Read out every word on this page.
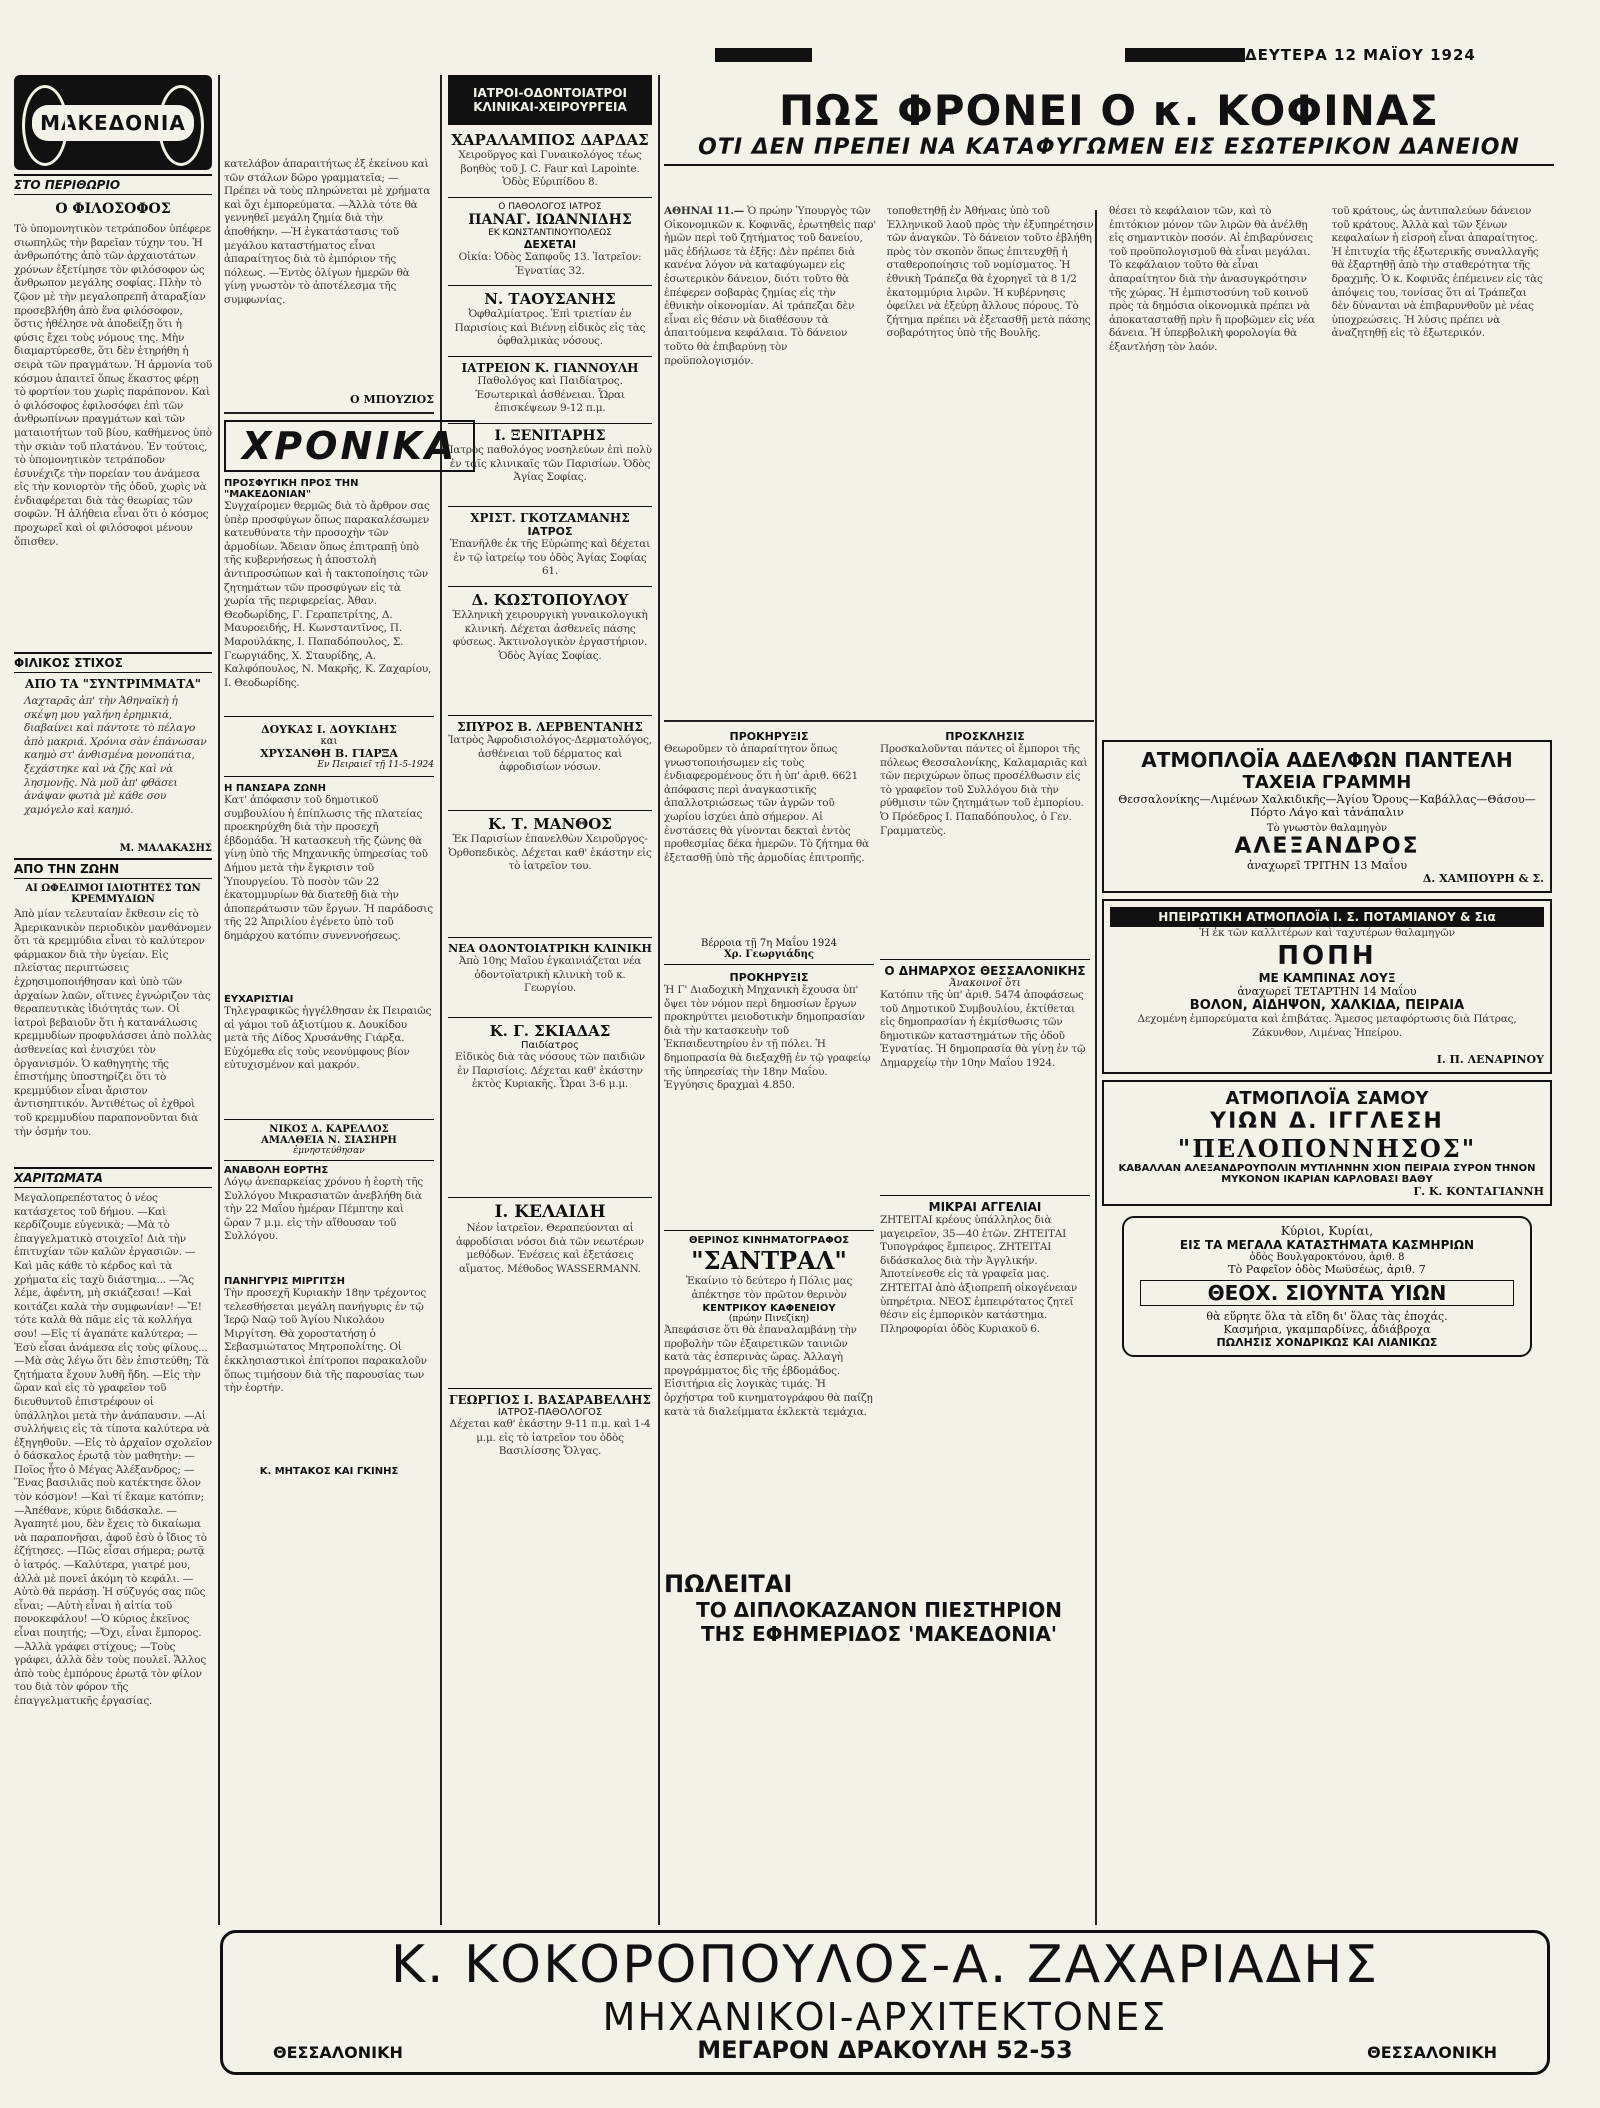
ΔΕΥΤΕΡΑ 12 ΜΑΪΟΥ 1924
ΜΑΚΕΔΟΝΙΑ
ΣΤΟ ΠΕΡΙΘΩΡΙΟ
Ο ΦΙΛΟΣΟΦΟΣ
Τὸ ὑπομονητικὸν τετράποδον ὑπέφερε σιωπηλῶς τὴν βαρεῖαν τύχην του. Ἡ ἀνθρωπότης ἀπὸ τῶν ἀρχαιοτάτων χρόνων ἐξετίμησε τὸν φιλόσοφον ὡς ἄνθρωπον μεγάλης σοφίας. Πλὴν τὸ ζῷον μὲ τὴν μεγαλοπρεπῆ ἀταραξίαν προσεβλήθη ἀπὸ ἕνα φιλόσοφον, ὅστις ἠθέλησε νὰ ἀποδείξῃ ὅτι ἡ φύσις ἔχει τοὺς νόμους της. Μὴν διαμαρτύρεσθε, ὅτι δὲν ἐτηρήθη ἡ σειρὰ τῶν πραγμάτων. Ἡ ἁρμονία τοῦ κόσμου ἀπαιτεῖ ὅπως ἕκαστος φέρῃ τὸ φορτίον του χωρὶς παράπονον. Καὶ ὁ φιλόσοφος ἐφιλοσόφει ἐπὶ τῶν ἀνθρωπίνων πραγμάτων καὶ τῶν ματαιοτήτων τοῦ βίου, καθήμενος ὑπὸ τὴν σκιὰν τοῦ πλατάνου. Ἐν τούτοις, τὸ ὑπομονητικὸν τετράποδον ἐσυνέχιζε τὴν πορείαν του ἀνάμεσα εἰς τὴν κονιορτὸν τῆς ὁδοῦ, χωρὶς νὰ ἐνδιαφέρεται διὰ τὰς θεωρίας τῶν σοφῶν. Ἡ ἀλήθεια εἶναι ὅτι ὁ κόσμος προχωρεῖ καὶ οἱ φιλόσοφοι μένουν ὄπισθεν.
ΦΙΛΙΚΟΣ ΣΤΙΧΟΣ
ΑΠΟ ΤΑ "ΣΥΝΤΡΙΜΜΑΤΑ"
Λαχταρᾶς ἀπ' τὴν Ἀθηναϊκὴ ἡ σκέψη μου γαλήνη ἐρημικιά, διαβαίνει καὶ πάντοτε τὸ πέλαγο ἀπὸ μακριά. Χρόνια σὰν ἐπάνωσαν καημὸ στ' ἀνθισμένα μονοπάτια, ξεχάστηκε καὶ νὰ ζῇς καὶ νὰ λησμονῇς. Νὰ μοῦ ἀπ' φθάσει ἀνάψαν φωτιὰ μὲ κάθε σου χαμόγελο καὶ καημό.
Μ. ΜΑΛΑΚΑΣΗΣ
ΑΠΟ ΤΗΝ ΖΩΗΝ
ΑΙ ΩΦΕΛΙΜΟΙ ΙΔΙΟΤΗΤΕΣ ΤΩΝ ΚΡΕΜΜΥΔΙΩΝ
Ἀπὸ μίαν τελευταίαν ἔκθεσιν εἰς τὸ Ἀμερικανικὸν περιοδικὸν μανθάνομεν ὅτι τὰ κρεμμύδια εἶναι τὸ καλύτερον φάρμακον διὰ τὴν ὑγείαν. Εἰς πλείστας περιπτώσεις ἐχρησιμοποιήθησαν καὶ ὑπὸ τῶν ἀρχαίων λαῶν, οἵτινες ἐγνώριζον τὰς θεραπευτικὰς ἰδιότητάς των. Οἱ ἰατροὶ βεβαιοῦν ὅτι ἡ κατανάλωσις κρεμμυδίων προφυλάσσει ἀπὸ πολλὰς ἀσθενείας καὶ ἐνισχύει τὸν ὀργανισμόν. Ὁ καθηγητὴς τῆς ἐπιστήμης ὑποστηρίζει ὅτι τὸ κρεμμύδιον εἶναι ἄριστον ἀντισηπτικόν. Ἀντιθέτως οἱ ἐχθροὶ τοῦ κρεμμυδίου παραπονοῦνται διὰ τὴν ὀσμήν του.
ΧΑΡΙΤΩΜΑΤΑ
Μεγαλοπρεπέστατος ὁ νέος κατάσχετος τοῦ δήμου. —Καὶ κερδίζουμε εὐγενικὰ; —Μὰ τὸ ἐπαγγελματικὸ στοιχεῖο! Διὰ τὴν ἐπιτυχίαν τῶν καλῶν ἐργασιῶν. —Καὶ μᾶς κάθε τὸ κέρδος καὶ τὰ χρήματα εἰς ταχὺ διάστημα... —Ἂς λέμε, ἀφέντη, μὴ σκιάζεσαι! —Καὶ κοιτάζει καλὰ τὴν συμφωνίαν! —Ἔ! τότε καλὰ θὰ πᾶμε εἰς τὰ κολλήγα σου! —Εἰς τί ἀγαπάτε καλύτερα; —Ἐσὺ εἶσαι ἀνάμεσα εἰς τοὺς φίλους... —Μὰ σὰς λέγω ὅτι δὲν ἐπιστεύθη; Τὰ ζητήματα ἔχουν λυθῆ ἤδη. —Εἰς τὴν ὥραν καὶ εἰς τὸ γραφεῖον τοῦ διευθυντοῦ ἐπιστρέφουν οἱ ὑπάλληλοι μετὰ τὴν ἀνάπαυσιν. —Αἱ συλλήψεις εἰς τὰ τίποτα καλύτερα νὰ ἐξηγηθοῦν. —Εἰς τὸ ἀρχαῖον σχολεῖον ὁ δάσκαλος ἐρωτᾷ τὸν μαθητὴν: —Ποῖος ἦτο ὁ Μέγας Ἀλέξανδρος; —Ἕνας βασιλιᾶς ποὺ κατέκτησε ὅλον τὸν κόσμον! —Καὶ τί ἔκαμε κατόπιν; —Ἀπέθανε, κύριε διδάσκαλε. —Ἀγαπητέ μου, δὲν ἔχεις τὸ δικαίωμα νὰ παραπονῆσαι, ἀφοῦ ἐσὺ ὁ ἴδιος τὸ ἐζήτησες. —Πῶς εἶσαι σήμερα; ρωτᾷ ὁ ἰατρός. —Καλύτερα, γιατρέ μου, ἀλλὰ μὲ πονεῖ ἀκόμη τὸ κεφάλι. —Αὐτὸ θὰ περάσῃ. Ἡ σύζυγός σας πῶς εἶναι; —Αὐτὴ εἶναι ἡ αἰτία τοῦ πονοκεφάλου! —Ὁ κύριος ἐκεῖνος εἶναι ποιητής; —Ὄχι, εἶναι ἔμπορος. —Ἀλλὰ γράφει στίχους; —Τοὺς γράφει, ἀλλὰ δὲν τοὺς πουλεῖ. Ἄλλος ἀπὸ τοὺς ἐμπόρους ἐρωτᾷ τὸν φίλον του διὰ τὸν φόρον τῆς ἐπαγγελματικῆς ἐργασίας.
κατελάβον ἀπαραιτήτως ἐξ ἐκείνου καὶ τῶν στάλων δῶρο γραμματεῖα; —Πρέπει νὰ τοὺς πληρώνεται μὲ χρήματα καὶ ὄχι ἐμπορεύματα. —Ἀλλὰ τότε θὰ γεννηθεῖ μεγάλη ζημία διὰ τὴν ἀποθήκην. —Ἡ ἐγκατάστασις τοῦ μεγάλου καταστήματος εἶναι ἀπαραίτητος διὰ τὸ ἐμπόριον τῆς πόλεως. —Ἐντὸς ὀλίγων ἡμερῶν θὰ γίνῃ γνωστὸν τὸ ἀποτέλεσμα τῆς συμφωνίας.
Ο ΜΠΟΥΖΙΟΣ
ΧΡΟΝΙΚΑ
ΠΡΟΣΦΥΓΙΚΗ ΠΡΟΣ ΤΗΝ "ΜΑΚΕΔΟΝΙΑΝ"
Συγχαίρομεν θερμῶς διὰ τὸ ἄρθρον σας ὑπὲρ προσφύγων ὅπως παρακαλέσωμεν κατευθύνατε τὴν προσοχὴν τῶν ἀρμοδίων. Ἄδειαν ὅπως ἐπιτραπῇ ὑπὸ τῆς κυβερνήσεως ἡ ἀποστολὴ ἀντιπροσώπων καὶ ἡ τακτοποίησις τῶν ζητημάτων τῶν προσφύγων εἰς τὰ χωρία τῆς περιφερείας. Ἀθαν. Θεοδωρίδης, Γ. Γεραπετρίτης, Δ. Μαυροειδής, Η. Κωνσταντῖνος, Π. Μαρουλάκης, Ι. Παπαδόπουλος, Σ. Γεωργιάδης, Χ. Σταυρίδης, Α. Καλφόπουλος, Ν. Μακρῆς, Κ. Ζαχαρίου, Ι. Θεοδωρίδης.
ΔΟΥΚΑΣ Ι. ΔΟΥΚΙΔΗΣ
και
ΧΡΥΣΑΝΘΗ Β. ΓΙΑΡΞΑ
Εν Πειραιεῖ τῇ 11-5-1924
Η ΠΑΝΣΑΡΑ ΖΩΝΗ
Κατ' ἀπόφασιν τοῦ δημοτικοῦ συμβουλίου ἡ ἐπίπλωσις τῆς πλατείας προεκηρύχθη διὰ τὴν προσεχῆ ἑβδομάδα. Ἡ κατασκευὴ τῆς ζώνης θὰ γίνῃ ὑπὸ τῆς Μηχανικῆς ὑπηρεσίας τοῦ Δήμου μετὰ τὴν ἔγκρισιν τοῦ Ὑπουργείου. Τὸ ποσὸν τῶν 22 ἑκατομμυρίων θὰ διατεθῇ διὰ τὴν ἀποπεράτωσιν τῶν ἔργων. Ἡ παράδοσις τῆς 22 Ἀπριλίου ἐγένετο ὑπὸ τοῦ δημάρχου κατόπιν συνεννοήσεως.
ΕΥΧΑΡΙΣΤΙΑΙ
Τηλεγραφικῶς ἠγγέλθησαν ἐκ Πειραιῶς αἱ γάμοι τοῦ ἀξιοτίμου κ. Δουκίδου μετὰ τῆς Δίδος Χρυσάνθης Γιάρξα. Εὐχόμεθα εἰς τοὺς νεονύμφους βίον εὐτυχισμένον καὶ μακρόν.
ΝΙΚΟΣ Δ. ΚΑΡΕΛΛΟΣ
ΑΜΑΛΘΕΙΑ Ν. ΣΙΑΣΗΡΗ
ἐμνηστεύθησαν
ΑΝΑΒΟΛΗ ΕΟΡΤΗΣ
Λόγῳ ἀνεπαρκείας χρόνου ἡ ἑορτὴ τῆς Συλλόγου Μικρασιατῶν ἀνεβλήθη διὰ τὴν 22 Μαΐου ἡμέραν Πέμπτην καὶ ὥραν 7 μ.μ. εἰς τὴν αἴθουσαν τοῦ Συλλόγου.
ΠΑΝΗΓΥΡΙΣ ΜΙΡΓΙΤΣΗ
Τὴν προσεχῆ Κυριακὴν 18ην τρέχοντος τελεσθήσεται μεγάλη πανήγυρις ἐν τῷ Ἱερῷ Ναῷ τοῦ Ἁγίου Νικολάου Μιργίτση. Θὰ χοροστατήσῃ ὁ Σεβασμιώτατος Μητροπολίτης. Οἱ ἐκκλησιαστικοὶ ἐπίτροποι παρακαλοῦν ὅπως τιμήσουν διὰ τῆς παρουσίας των τὴν ἑορτήν.
Κ. ΜΗΤΑΚΟΣ ΚΑΙ ΓΚΙΝΗΣ
ΙΑΤΡΟΙ-ΟΔΟΝΤΟΙΑΤΡΟΙ ΚΛΙΝΙΚΑΙ-ΧΕΙΡΟΥΡΓΕΙΑ
ΧΑΡΑΛΑΜΠΟΣ ΔΑΡΔΑΣ
Χειροῦργος καὶ Γυναικολόγος τέως βοηθὸς τοῦ J. C. Faur καὶ Lapointe. Ὁδὸς Εὐριπίδου 8.
Ο ΠΑΘΟΛΟΓΟΣ ΙΑΤΡΟΣ
ΠΑΝΑΓ. ΙΩΑΝΝΙΔΗΣ
ΕΚ ΚΩΝΣΤΑΝΤΙΝΟΥΠΟΛΕΩΣ
ΔΕΧΕΤΑΙ
Οἰκία: Ὁδὸς Σαπφοῦς 13. Ἰατρεῖον: Ἐγνατίας 32.
Ν. ΤΑΟΥΣΑΝΗΣ
Ὀφθαλμίατρος. Ἐπὶ τριετίαν ἐν Παρισίοις καὶ Βιέννῃ εἰδικὸς εἰς τὰς ὀφθαλμικὰς νόσους.
ΙΑΤΡΕΙΟΝ Κ. ΓΙΑΝΝΟΥΛΗ
Παθολόγος καὶ Παιδίατρος. Ἐσωτερικαὶ ἀσθένειαι. Ὧραι ἐπισκέψεων 9-12 π.μ.
Ι. ΞΕΝΙΤΑΡΗΣ
Ἰατρὸς παθολόγος νοσηλεύων ἐπὶ πολὺ ἐν ταῖς κλινικαῖς τῶν Παρισίων. Ὁδὸς Ἁγίας Σοφίας.
ΧΡΙΣΤ. ΓΚΟΤΖΑΜΑΝΗΣ
ΙΑΤΡΟΣ
Ἐπανῆλθε ἐκ τῆς Εὐρώπης καὶ δέχεται ἐν τῷ ἰατρείῳ του ὁδὸς Ἁγίας Σοφίας 61.
Δ. ΚΩΣΤΟΠΟΥΛΟΥ
Ἑλληνικὴ χειρουργικὴ γυναικολογικὴ κλινική. Δέχεται ἀσθενεῖς πάσης φύσεως. Ἀκτινολογικὸν ἐργαστήριον. Ὁδὸς Ἀγίας Σοφίας.
ΣΠΥΡΟΣ Β. ΛΕΡΒΕΝΤΑΝΗΣ
Ἰατρὸς Ἀφροδισιολόγος-Δερματολόγος, ἀσθένειαι τοῦ δέρματος καὶ ἀφροδισίων νόσων.
Κ. Τ. ΜΑΝΘΟΣ
Ἐκ Παρισίων ἐπανελθὼν Χειροῦργος-Ὀρθοπεδικὸς. Δέχεται καθ' ἑκάστην εἰς τὸ ἰατρεῖον του.
ΝΕΑ ΟΔΟΝΤΟΙΑΤΡΙΚΗ ΚΛΙΝΙΚΗ
Ἀπὸ 10ης Μαΐου ἐγκαινιάζεται νέα ὀδοντοϊατρικὴ κλινικὴ τοῦ κ. Γεωργίου.
Κ. Γ. ΣΚΙΑΔΑΣ
Παιδίατρος
Εἰδικὸς διὰ τὰς νόσους τῶν παιδιῶν ἐν Παρισίοις. Δέχεται καθ' ἑκάστην ἐκτὸς Κυριακῆς. Ὧραι 3-6 μ.μ.
Ι. ΚΕΛΑΙΔΗ
Νέον ἰατρεῖον. Θεραπεύονται αἱ ἀφροδίσιαι νόσοι διὰ τῶν νεωτέρων μεθόδων. Ἐνέσεις καὶ ἐξετάσεις αἵματος. Μέθοδος WASSERMANN.
ΓΕΩΡΓΙΟΣ Ι. ΒΑΣΑΡΑΒΕΛΛΗΣ
ΙΑΤΡΟΣ-ΠΑΘΟΛΟΓΟΣ
Δέχεται καθ' ἑκάστην 9-11 π.μ. καὶ 1-4 μ.μ. εἰς τὸ ἰατρεῖον του ὁδὸς Βασιλίσσης Ὄλγας.
ΠΩΣ ΦΡΟΝΕΙ Ο κ. ΚΟΦΙΝΑΣ
ΟΤΙ ΔΕΝ ΠΡΕΠΕΙ ΝΑ ΚΑΤΑΦΥΓΩΜΕΝ ΕΙΣ ΕΣΩΤΕΡΙΚΟΝ ΔΑΝΕΙΟΝ
ΑΘΗΝΑΙ 11.— Ὁ πρώην Ὑπουργὸς τῶν Οἰκονομικῶν κ. Κοφινᾶς, ἐρωτηθεὶς παρ' ἡμῶν περὶ τοῦ ζητήματος τοῦ δανείου, μᾶς ἐδήλωσε τὰ ἑξῆς: Δὲν πρέπει διὰ κανένα λόγον νὰ καταφύγωμεν εἰς ἐσωτερικὸν δάνειον, διότι τοῦτο θὰ ἐπέφερεν σοβαρὰς ζημίας εἰς τὴν ἐθνικὴν οἰκονομίαν. Αἱ τράπεζαι δὲν εἶναι εἰς θέσιν νὰ διαθέσουν τὰ ἀπαιτούμενα κεφάλαια. Τὸ δάνειον τοῦτο θὰ ἐπιβαρύνῃ τὸν προϋπολογισμόν.
τοποθετηθῇ ἐν Ἀθήναις ὑπὸ τοῦ Ἑλληνικοῦ λαοῦ πρὸς τὴν ἐξυπηρέτησιν τῶν ἀναγκῶν. Τὸ δάνειον τοῦτο ἐβλήθη πρὸς τὸν σκοπὸν ὅπως ἐπιτευχθῇ ἡ σταθεροποίησις τοῦ νομίσματος. Ἡ ἐθνικὴ Τράπεζα θὰ ἐχορηγεῖ τὰ 8 1/2 ἑκατομμύρια λιρῶν. Ἡ κυβέρνησις ὀφείλει νὰ ἐξεύρῃ ἄλλους πόρους. Τὸ ζήτημα πρέπει νὰ ἐξετασθῇ μετὰ πάσης σοβαρότητος ὑπὸ τῆς Βουλῆς.
θέσει τὸ κεφάλαιον τῶν, καὶ τὸ ἐπιτόκιον μόνον τῶν λιρῶν θὰ ἀνέλθῃ εἰς σημαντικὸν ποσόν. Αἱ ἐπιβαρύνσεις τοῦ προϋπολογισμοῦ θὰ εἶναι μεγάλαι. Τὸ κεφάλαιον τοῦτο θὰ εἶναι ἀπαραίτητον διὰ τὴν ἀνασυγκρότησιν τῆς χώρας. Ἡ ἐμπιστοσύνη τοῦ κοινοῦ πρὸς τὰ δημόσια οἰκονομικὰ πρέπει νὰ ἀποκατασταθῇ πρὶν ἢ προβῶμεν εἰς νέα δάνεια. Ἡ ὑπερβολικὴ φορολογία θὰ ἐξαντλήσῃ τὸν λαόν.
τοῦ κράτους, ὡς ἀντιπαλεύων δάνειον τοῦ κράτους. Ἀλλὰ καὶ τῶν ξένων κεφαλαίων ἡ εἰσροὴ εἶναι ἀπαραίτητος. Ἡ ἐπιτυχία τῆς ἐξωτερικῆς συναλλαγῆς θὰ ἐξαρτηθῇ ἀπὸ τὴν σταθερότητα τῆς δραχμῆς. Ὁ κ. Κοφινᾶς ἐπέμεινεν εἰς τὰς ἀπόψεις του, τονίσας ὅτι αἱ Τράπεζαι δὲν δύνανται νὰ ἐπιβαρυνθοῦν μὲ νέας ὑποχρεώσεις. Ἡ λύσις πρέπει νὰ ἀναζητηθῇ εἰς τὸ ἐξωτερικόν.
ΠΡΟΚΗΡΥΞΙΣ
Θεωροῦμεν τὸ ἀπαραίτητον ὅπως γνωστοποιήσωμεν εἰς τοὺς ἐνδιαφερομένους ὅτι ἡ ὑπ' ἀριθ. 6621 ἀπόφασις περὶ ἀναγκαστικῆς ἀπαλλοτριώσεως τῶν ἀγρῶν τοῦ χωρίου ἰσχύει ἀπὸ σήμερον. Αἱ ἐνστάσεις θὰ γίνονται δεκταὶ ἐντὸς προθεσμίας δέκα ἡμερῶν. Τὸ ζήτημα θὰ ἐξετασθῇ ὑπὸ τῆς ἁρμοδίας ἐπιτροπῆς.
Βέρροια τῇ 7η Μαΐου 1924
Χρ. Γεωργιάδης
ΠΡΟΚΗΡΥΞΙΣ
Ἡ Γ' Διαδοχικὴ Μηχανικὴ ἔχουσα ὑπ' ὄψει τὸν νόμον περὶ δημοσίων ἔργων προκηρύττει μειοδοτικὴν δημοπρασίαν διὰ τὴν κατασκευὴν τοῦ Ἐκπαιδευτηρίου ἐν τῇ πόλει. Ἡ δημοπρασία θὰ διεξαχθῇ ἐν τῷ γραφείῳ τῆς ὑπηρεσίας τὴν 18ην Μαΐου. Ἐγγύησις δραχμαὶ 4.850.
ΘΕΡΙΝΟΣ ΚΙΝΗΜΑΤΟΓΡΑΦΟΣ
"ΣΑΝΤΡΑΛ"
Ἐκαίνιο τὸ δεύτερο ἡ Πόλις μας ἀπέκτησε τὸν πρῶτον θερινὸν
ΚΕΝΤΡΙΚΟΥ ΚΑΦΕΝΕΙΟΥ
(πρώην Πινεζίκη)
Ἀπεφάσισε ὅτι θὰ ἐπαναλαμβάνῃ τὴν προβολὴν τῶν ἐξαιρετικῶν ταινιῶν κατὰ τὰς ἑσπερινὰς ὥρας. Ἀλλαγὴ προγράμματος δὶς τῆς ἑβδομάδος. Εἰσιτήρια εἰς λογικὰς τιμάς. Ἡ ὀρχήστρα τοῦ κινηματογράφου θὰ παίζῃ κατὰ τὰ διαλείμματα ἐκλεκτὰ τεμάχια.
ΠΡΟΣΚΛΗΣΙΣ
Προσκαλοῦνται πάντες οἱ ἔμποροι τῆς πόλεως Θεσσαλονίκης, Καλαμαριᾶς καὶ τῶν περιχώρων ὅπως προσέλθωσιν εἰς τὸ γραφεῖον τοῦ Συλλόγου διὰ τὴν ρύθμισιν τῶν ζητημάτων τοῦ ἐμπορίου. Ὁ Πρόεδρος Ι. Παπαδόπουλος, ὁ Γεν. Γραμματεὺς.
Ο ΔΗΜΑΡΧΟΣ ΘΕΣΣΑΛΟΝΙΚΗΣ
Ἀνακοινοῖ ὅτι
Κατόπιν τῆς ὑπ' ἀριθ. 5474 ἀποφάσεως τοῦ Δημοτικοῦ Συμβουλίου, ἐκτίθεται εἰς δημοπρασίαν ἡ ἐκμίσθωσις τῶν δημοτικῶν καταστημάτων τῆς ὁδοῦ Ἐγνατίας. Ἡ δημοπρασία θὰ γίνῃ ἐν τῷ Δημαρχείῳ τὴν 10ην Μαΐου 1924.
ΜΙΚΡΑΙ ΑΓΓΕΛΙΑΙ
ΖΗΤΕΙΤΑΙ κρέους ὑπάλληλος διὰ μαγειρεῖον, 35—40 ἐτῶν. ΖΗΤΕΙΤΑΙ Τυπογράφος ἔμπειρος. ΖΗΤΕΙΤΑΙ διδάσκαλος διὰ τὴν Ἀγγλικήν. Ἀποτείνεσθε εἰς τὰ γραφεῖα μας. ΖΗΤΕΙΤΑΙ ἀπὸ ἀξιοπρεπῆ οἰκογένειαν ὑπηρέτρια. ΝΕΟΣ ἐμπειρότατος ζητεῖ θέσιν εἰς ἐμπορικὸν κατάστημα. Πληροφορίαι ὁδὸς Κυριακοῦ 6.
ΠΩΛΕΙΤΑΙ
ΤΟ ΔΙΠΛΟΚΑΖΑΝΟΝ ΠΙΕΣΤΗΡΙΟΝ
ΤΗΣ ΕΦΗΜΕΡΙΔΟΣ 'ΜΑΚΕΔΟΝΙΑ'
ΑΤΜΟΠΛΟΪΑ ΑΔΕΛΦΩΝ ΠΑΝΤΕΛΗ
ΤΑΧΕΙΑ ΓΡΑΜΜΗ
Θεσσαλονίκης—Λιμένων Χαλκιδικῆς—Ἁγίου Ὄρους—Καβάλλας—Θάσου—Πόρτο Λάγο καὶ τἀνάπαλιν
Τὸ γνωστὸν θαλαμηγὸν
ΑΛΕΞΑΝΔΡΟΣ
ἀναχωρεῖ ΤΡΙΤΗΝ 13 Μαΐου
Δ. ΧΑΜΠΟΥΡΗ & Σ.
ΗΠΕΙΡΩΤΙΚΗ ΑΤΜΟΠΛΟΪΑ Ι. Σ. ΠΟΤΑΜΙΑΝΟΥ & Σια
Ἡ ἐκ τῶν καλλιτέρων καὶ ταχυτέρων θαλαμηγῶν
ΠΟΠΗ
ΜΕ ΚΑΜΠΙΝΑΣ ΛΟΥΞ
ἀναχωρεῖ ΤΕΤΑΡΤΗΝ 14 Μαΐου
ΒΟΛΟΝ, ΑΙΔΗΨΟΝ, ΧΑΛΚΙΔΑ, ΠΕΙΡΑΙΑ
Δεχομένη ἐμπορεύματα καὶ ἐπιβάτας. Ἄμεσος μεταφόρτωσις διὰ Πάτρας, Ζάκυνθον, Λιμένας Ἠπείρου.
Ι. Π. ΛΕΝΑΡΙΝΟΥ
ΑΤΜΟΠΛΟΪΑ ΣΑΜΟΥ
ΥΙΩΝ Δ. ΙΓΓΛΕΣΗ
"ΠΕΛΟΠΟΝΝΗΣΟΣ"
ΚΑΒΑΛΛΑΝ ΑΛΕΞΑΝΔΡΟΥΠΟΛΙΝ ΜΥΤΙΛΗΝΗΝ ΧΙΟΝ ΠΕΙΡΑΙΑ ΣΥΡΟΝ ΤΗΝΟΝ ΜΥΚΟΝΟΝ ΙΚΑΡΙΑΝ ΚΑΡΛΟΒΑΣΙ ΒΑΘΥ
Γ. Κ. ΚΟΝΤΑΓΙΑΝΝΗ
Κύριοι, Κυρίαι,
ΕΙΣ ΤΑ ΜΕΓΑΛΑ ΚΑΤΑΣΤΗΜΑΤΑ ΚΑΣΜΗΡΙΩΝ
ὁδὸς Βουλγαροκτόνου, ἀριθ. 8
Τὸ Ραφεῖον ὁδὸς Μωϋσέως, ἀριθ. 7
ΘΕΟΧ. ΣΙΟΥΝΤΑ ΥΙΩΝ
θὰ εὕρητε ὅλα τὰ εἴδη δι' ὅλας τὰς ἐποχάς.
Κασμήρια, γκαμπαρδίνες, ἀδιάβροχα
ΠΩΛΗΣΙΣ ΧΟΝΔΡΙΚΩΣ ΚΑΙ ΛΙΑΝΙΚΩΣ
Κ. ΚΟΚΟΡΟΠΟΥΛΟΣ-Α. ΖΑΧΑΡΙΑΔΗΣ
ΜΗΧΑΝΙΚΟΙ-ΑΡΧΙΤΕΚΤΟΝΕΣ
ΘΕΣΣΑΛΟΝΙΚΗ	ΜΕΓΑΡΟΝ ΔΡΑΚΟΥΛΗ 52-53	ΘΕΣΣΑΛΟΝΙΚΗ
